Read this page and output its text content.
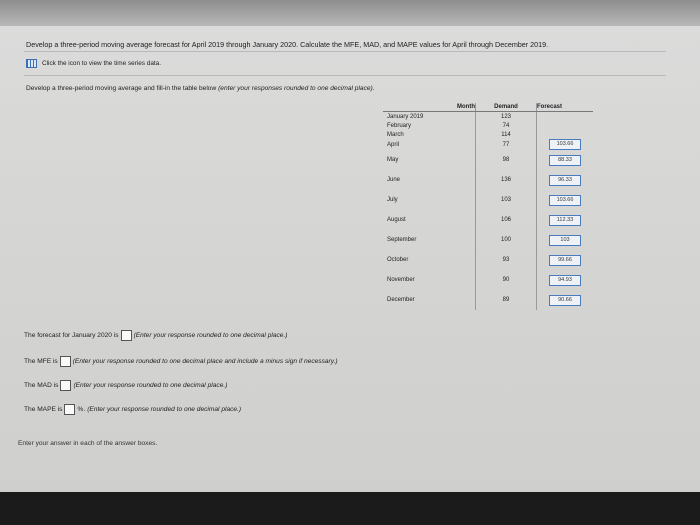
Develop a three-period moving average forecast for April 2019 through January 2020. Calculate the MFE, MAD, and MAPE values for April through December 2019.
Click the icon to view the time series data.
Develop a three-period moving average and fill-in the table below (enter your responses rounded to one decimal place).
Month	Demand	Forecast
January 2019	123	
February	74	
March	114	
April	77	103.66
May	98	88.33
June	136	96.33
July	103	103.66
August	106	112.33
September	100	103
October	93	99.66
November	90	94.93
December	89	90.66
The forecast for January 2020 is (Enter your response rounded to one decimal place.)
The MFE is (Enter your response rounded to one decimal place and include a minus sign if necessary.)
The MAD is (Enter your response rounded to one decimal place.)
The MAPE is %. (Enter your response rounded to one decimal place.)
Enter your answer in each of the answer boxes.
